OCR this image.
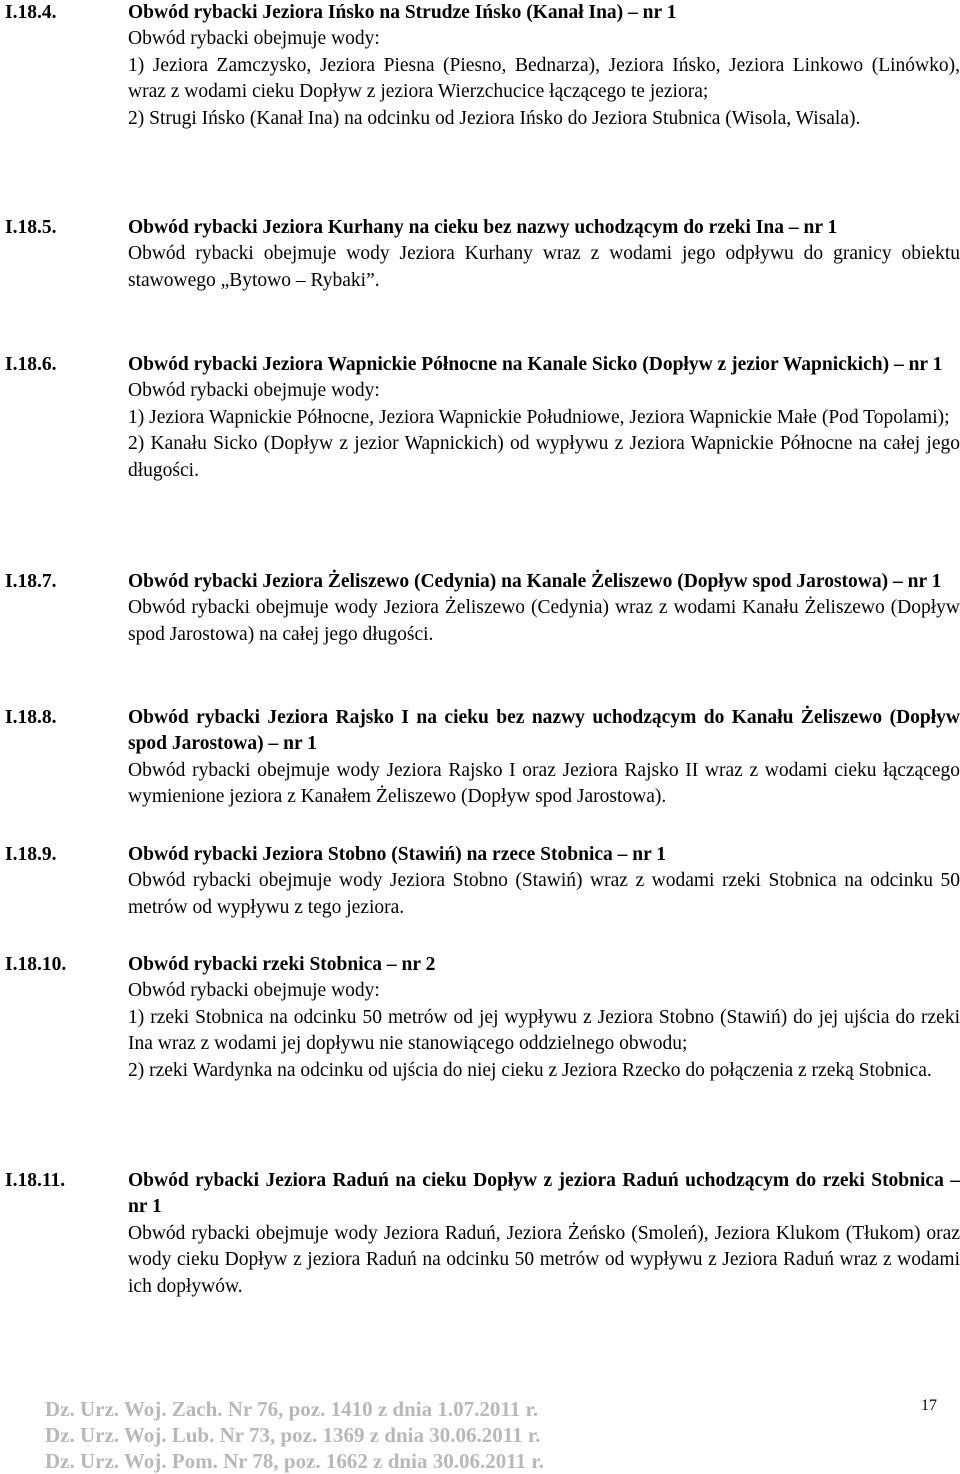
I.18.4.	Obwód rybacki Jeziora Ińsko na Strudze Ińsko (Kanał Ina) – nr 1
Obwód rybacki obejmuje wody:
1) Jeziora Zamczysko, Jeziora Piesna (Piesno, Bednarza), Jeziora Ińsko, Jeziora Linkowo (Linówko), wraz z wodami cieku Dopływ z jeziora Wierzchucice łączącego te jeziora;
2) Strugi Ińsko (Kanał Ina) na odcinku od Jeziora Ińsko do Jeziora Stubnica (Wisola, Wisala).
I.18.5.	Obwód rybacki Jeziora Kurhany na cieku bez nazwy uchodzącym do rzeki Ina – nr 1
Obwód rybacki obejmuje wody Jeziora Kurhany wraz z wodami jego odpływu do granicy obiektu stawowego „Bytowo – Rybaki”.
I.18.6.	Obwód rybacki Jeziora Wapnickie Północne na Kanale Sicko (Dopływ z jezior Wapnickich) – nr 1
Obwód rybacki obejmuje wody:
1) Jeziora Wapnickie Północne, Jeziora Wapnickie Południowe, Jeziora Wapnickie Małe (Pod Topolami);
2) Kanału Sicko (Dopływ z jezior Wapnickich) od wypływu z Jeziora Wapnickie Północne na całej jego długości.
I.18.7.	Obwód rybacki Jeziora Żeliszewo (Cedynia) na Kanale Żeliszewo (Dopływ spod Jarostowa) – nr 1
Obwód rybacki obejmuje wody Jeziora Żeliszewo (Cedynia) wraz z wodami Kanału Żeliszewo (Dopływ spod Jarostowa) na całej jego długości.
I.18.8.	Obwód rybacki Jeziora Rajsko I na cieku bez nazwy uchodzącym do Kanału Żeliszewo (Dopływ spod Jarostowa) – nr 1
Obwód rybacki obejmuje wody Jeziora Rajsko I oraz Jeziora Rajsko II wraz z wodami cieku łączącego wymienione jeziora z Kanałem Żeliszewo (Dopływ spod Jarostowa).
I.18.9.	Obwód rybacki Jeziora Stobno (Stawiń) na rzece Stobnica – nr 1
Obwód rybacki obejmuje wody Jeziora Stobno (Stawiń) wraz z wodami rzeki Stobnica na odcinku 50 metrów od wypływu z tego jeziora.
I.18.10.	Obwód rybacki rzeki Stobnica – nr 2
Obwód rybacki obejmuje wody:
1) rzeki Stobnica na odcinku 50 metrów od jej wypływu z Jeziora Stobno (Stawiń) do jej ujścia do rzeki Ina wraz z wodami jej dopływu nie stanowiącego oddzielnego obwodu;
2) rzeki Wardynka na odcinku od ujścia do niej cieku z Jeziora Rzecko do połączenia z rzeką Stobnica.
I.18.11.	Obwód rybacki Jeziora Raduń na cieku Dopływ z jeziora Raduń uchodzącym do rzeki Stobnica – nr 1
Obwód rybacki obejmuje wody Jeziora Raduń, Jeziora Żeńsko (Smoleń), Jeziora Klukom (Tłukom) oraz wody cieku Dopływ z jeziora Raduń na odcinku 50 metrów od wypływu z Jeziora Raduń wraz z wodami ich dopływów.
Dz. Urz. Woj. Zach. Nr 76, poz. 1410 z dnia 1.07.2011 r.
Dz. Urz. Woj. Lub. Nr 73, poz. 1369 z dnia 30.06.2011 r.
Dz. Urz. Woj. Pom. Nr 78, poz. 1662 z dnia 30.06.2011 r.
17
